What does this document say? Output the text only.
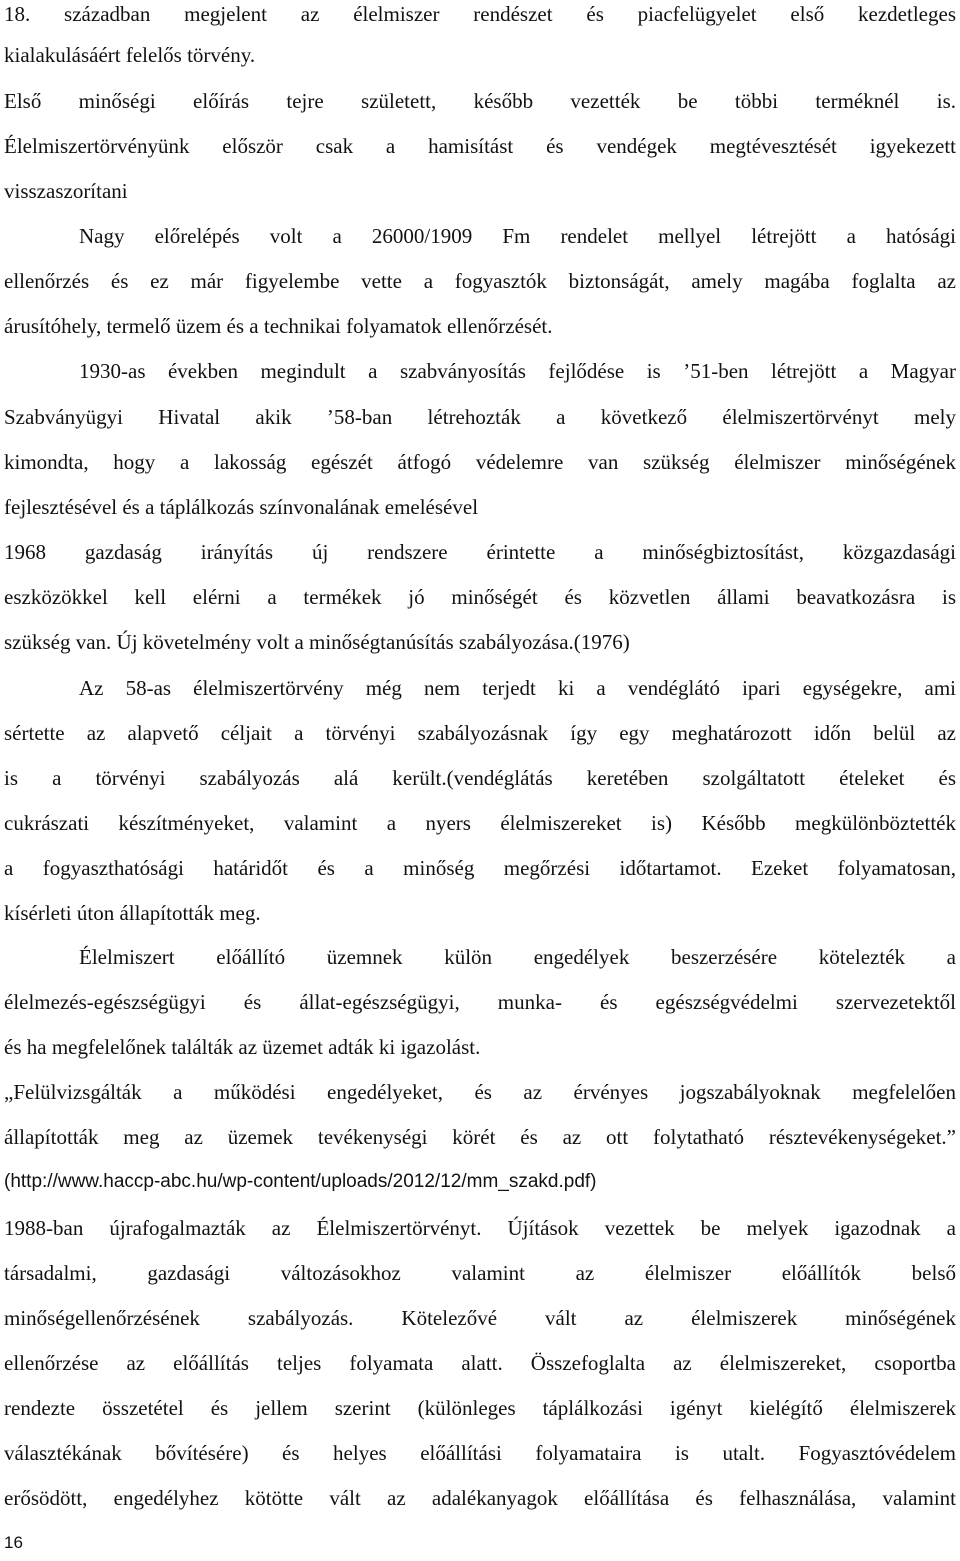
18. században megjelent az élelmiszer rendészet és piacfelügyelet első kezdetleges
kialakulásáért felelős törvény.
Első minőségi előírás tejre született, később vezették be többi terméknél is.
Élelmiszertörvényünk először csak a hamisítást és vendégek megtévesztését igyekezett
visszaszorítani
Nagy előrelépés volt a 26000/1909 Fm rendelet mellyel létrejött a hatósági
ellenőrzés és ez már figyelembe vette a fogyasztók biztonságát, amely magába foglalta az
árusítóhely, termelő üzem és a technikai folyamatok ellenőrzését.
1930-as években megindult a szabványosítás fejlődése is ’51-ben létrejött a Magyar
Szabványügyi Hivatal akik ’58-ban létrehozták a következő élelmiszertörvényt mely
kimondta, hogy a lakosság egészét átfogó védelemre van szükség élelmiszer minőségének
fejlesztésével és a táplálkozás színvonalának emelésével
1968 gazdaság irányítás új rendszere érintette a minőségbiztosítást, közgazdasági
eszközökkel kell elérni a termékek jó minőségét és közvetlen állami beavatkozásra is
szükség van. Új követelmény volt a minőségtanúsítás szabályozása.(1976)
Az 58-as élelmiszertörvény még nem terjedt ki a vendéglátó ipari egységekre, ami
sértette az alapvető céljait a törvényi szabályozásnak így egy meghatározott időn belül az
is a törvényi szabályozás alá került.(vendéglátás keretében szolgáltatott ételeket és
cukrászati készítményeket, valamint a nyers élelmiszereket is) Később megkülönböztették
a fogyaszthatósági határidőt és a minőség megőrzési időtartamot. Ezeket folyamatosan,
kísérleti úton állapították meg.
Élelmiszert előállító üzemnek külön engedélyek beszerzésére kötelezték a
élelmezés-egészségügyi és állat-egészségügyi, munka- és egészségvédelmi szervezetektől
és ha megfelelőnek találták az üzemet adták ki igazolást.
„Felülvizsgálták a működési engedélyeket, és az érvényes jogszabályoknak megfelelően
állapították meg az üzemek tevékenységi körét és az ott folytatható résztevékenységeket.”
(http://www.haccp-abc.hu/wp-content/uploads/2012/12/mm_szakd.pdf)
1988-ban újrafogalmazták az Élelmiszertörvényt. Újítások vezettek be melyek igazodnak a
társadalmi, gazdasági változásokhoz valamint az élelmiszer előállítók belső
minőségellenőrzésének szabályozás. Kötelezővé vált az élelmiszerek minőségének
ellenőrzése az előállítás teljes folyamata alatt. Összefoglalta az élelmiszereket, csoportba
rendezte összetétel és jellem szerint (különleges táplálkozási igényt kielégítő élelmiszerek
választékának bővítésére) és helyes előállítási folyamataira is utalt. Fogyasztóvédelem
erősödött, engedélyhez kötötte vált az adalékanyagok előállítása és felhasználása, valamint
16
